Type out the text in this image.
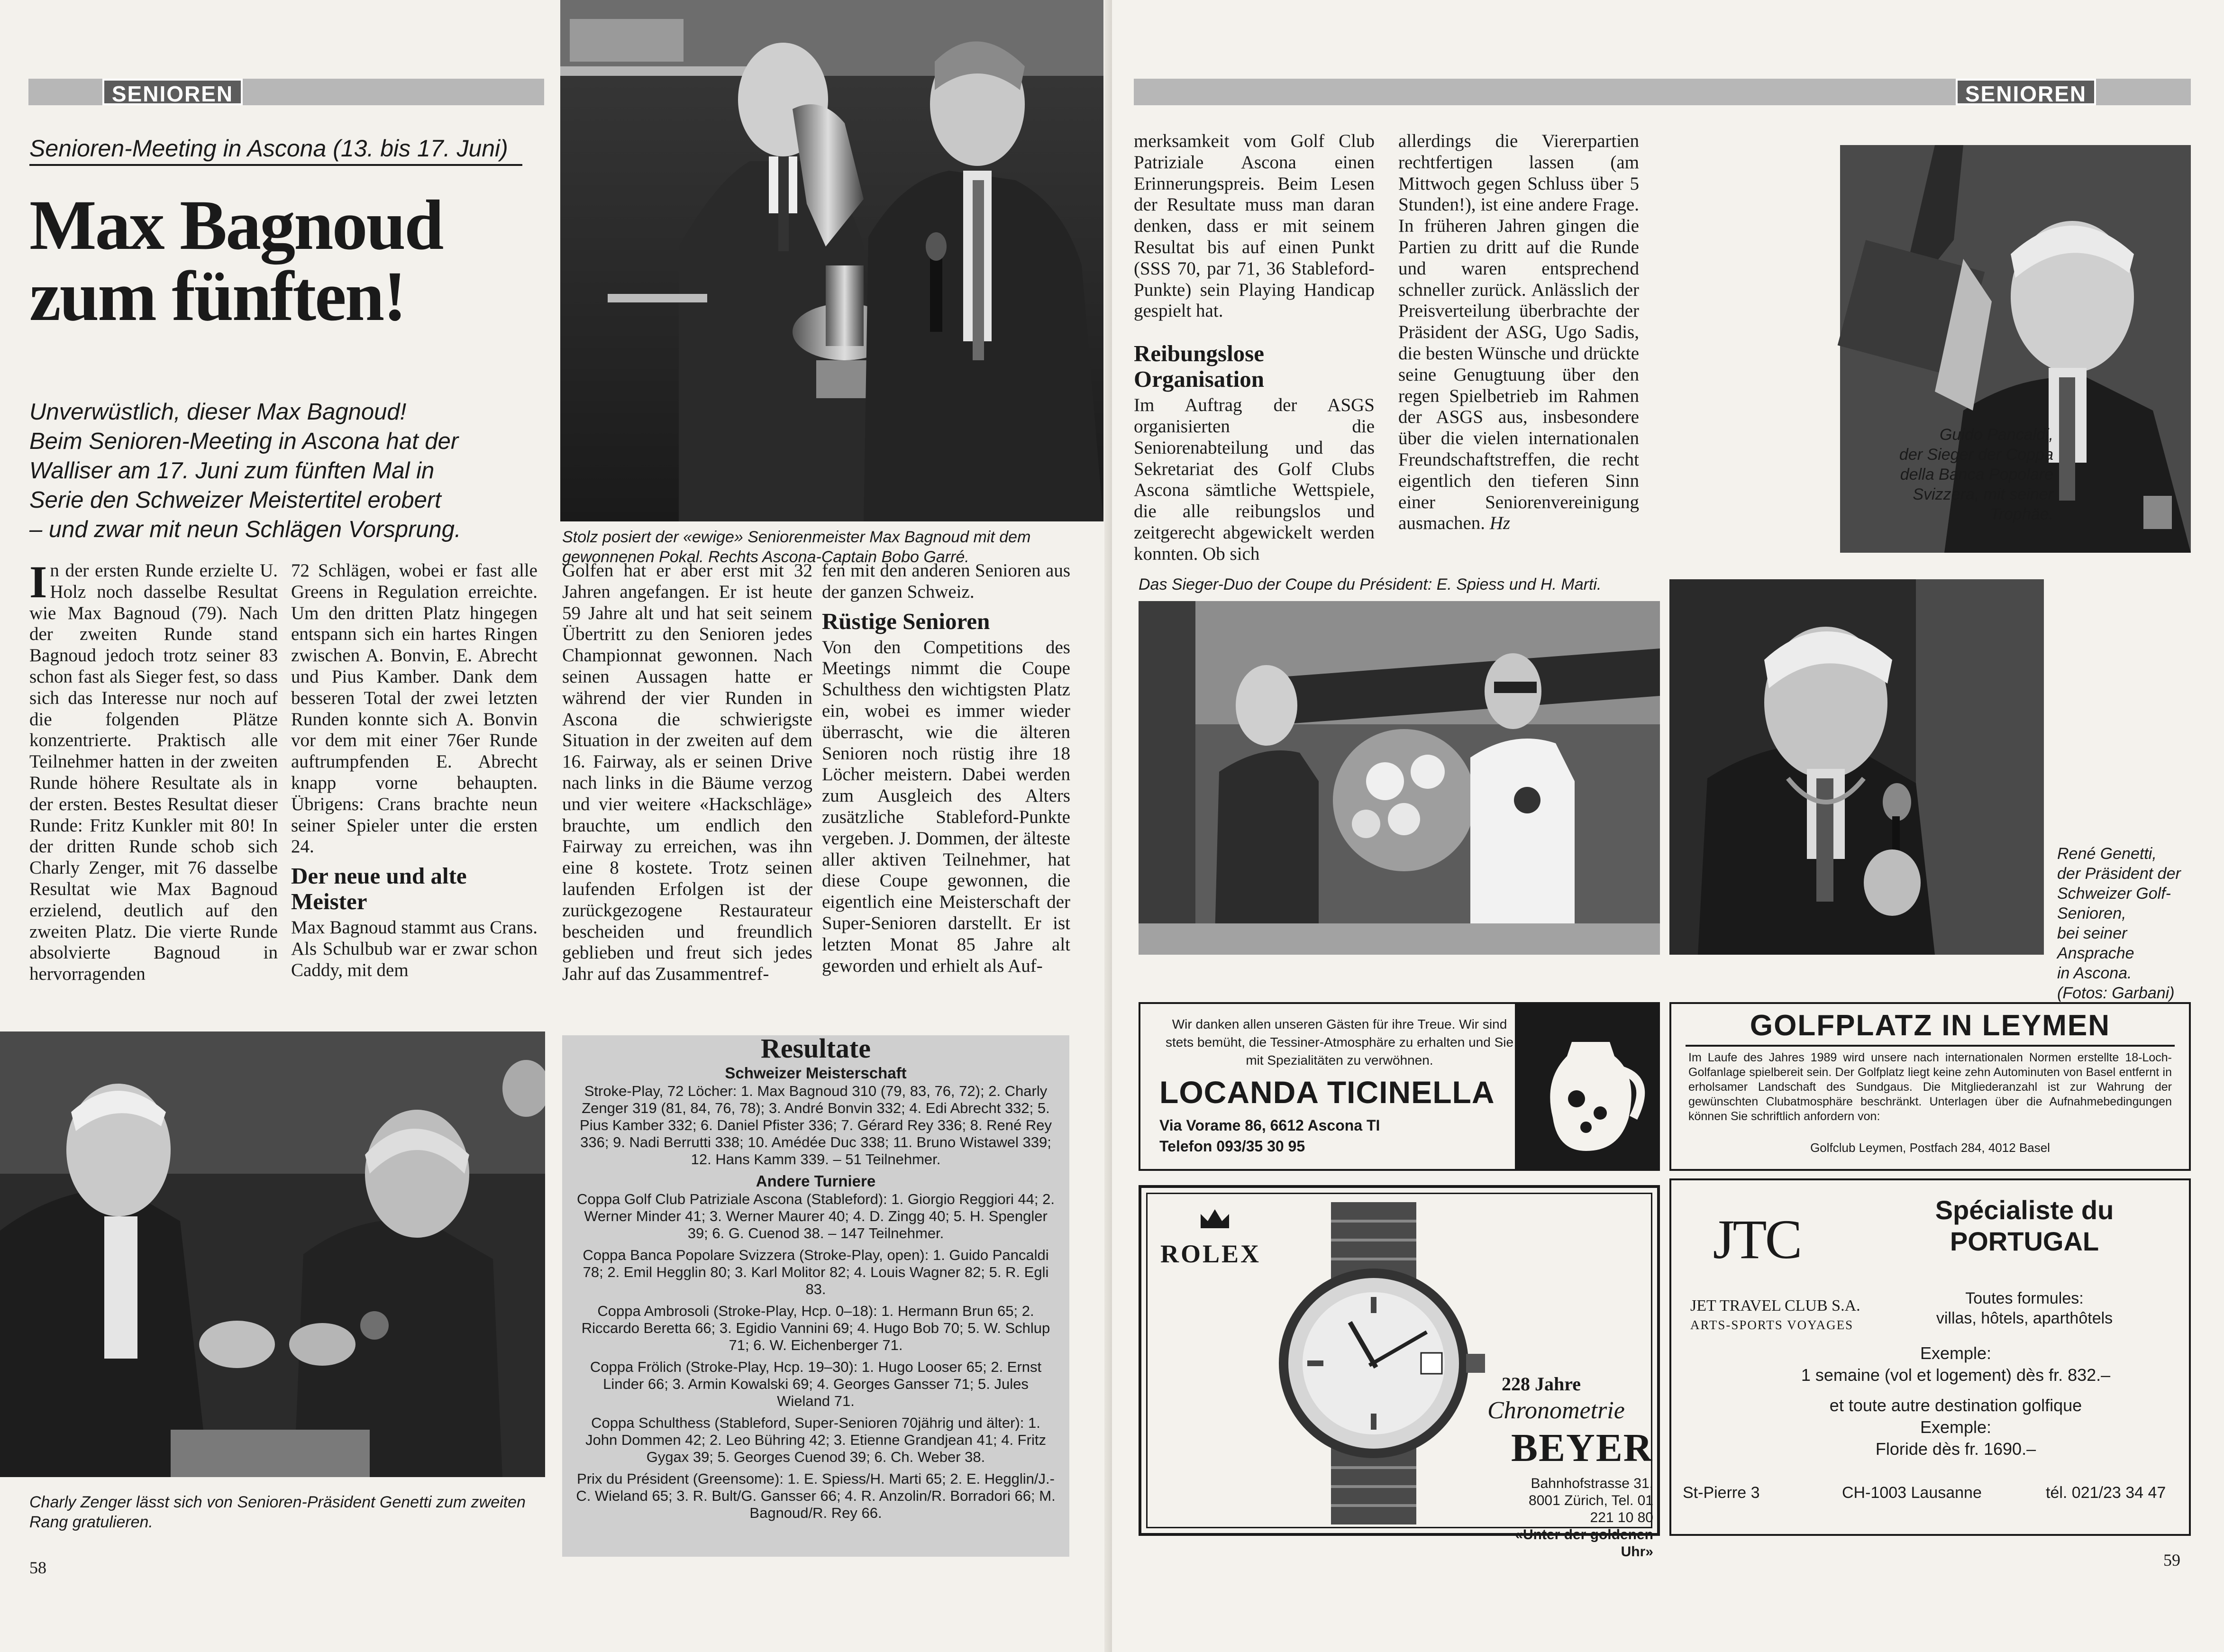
SENIOREN
Senioren-Meeting in Ascona (13. bis 17. Juni)
Max Bagnoud
zum fünften!
Unverwüstlich, dieser Max Bagnoud!
Beim Senioren-Meeting in Ascona hat der
Walliser am 17. Juni zum fünften Mal in
Serie den Schweizer Meistertitel erobert
– und zwar mit neun Schlägen Vorsprung.	Stolz posiert der «ewige» Seniorenmeister Max Bagnoud mit dem gewonnenen Pokal. Rechts Ascona-Captain Bobo Garré.

In der ersten Runde erzielte U. Holz noch dasselbe Resultat wie Max Bagnoud (79). Nach der zweiten Runde stand Bagnoud jedoch trotz seiner 83 schon fast als Sieger fest, so dass sich das Interesse nur noch auf die folgenden Plätze konzentrierte. Praktisch alle Teilnehmer hatten in der zweiten Runde höhere Resultate als in der ersten. Bestes Resultat dieser Runde: Fritz Kunkler mit 80! In der dritten Runde schob sich Charly Zenger, mit 76 dasselbe Resultat wie Max Bagnoud erzielend, deutlich auf den zweiten Platz. Die vierte Runde absolvierte Bagnoud in hervorragenden

72 Schlägen, wobei er fast alle Greens in Regulation erreichte. Um den dritten Platz hingegen entspann sich ein hartes Ringen zwischen A. Bonvin, E. Abrecht und Pius Kamber. Dank dem besseren Total der zwei letzten Runden konnte sich A. Bonvin vor dem mit einer 76er Runde auftrumpfenden E. Abrecht knapp vorne behaupten. Übrigens: Crans brachte neun seiner Spieler unter die ersten 24.

Der neue und alte Meister

Max Bagnoud stammt aus Crans. Als Schulbub war er zwar schon Caddy, mit dem

Golfen hat er aber erst mit 32 Jahren angefangen. Er ist heute 59 Jahre alt und hat seit seinem Übertritt zu den Senioren jedes Championnat gewonnen. Nach seinen Aussagen hatte er während der vier Runden in Ascona die schwierigste Situation in der zweiten auf dem 16. Fairway, als er seinen Drive nach links in die Bäume verzog und vier weitere «Hackschläge» brauchte, um endlich den Fairway zu erreichen, was ihn eine 8 kostete. Trotz seinen laufenden Erfolgen ist der zurückgezogene Restaurateur bescheiden und freundlich geblieben und freut sich jedes Jahr auf das Zusammentref-

fen mit den anderen Senioren aus der ganzen Schweiz.

Rüstige Senioren

Von den Competitions des Meetings nimmt die Coupe Schulthess den wichtigsten Platz ein, wobei es immer wieder überrascht, wie die älteren Senioren noch rüstig ihre 18 Löcher meistern. Dabei werden zum Ausgleich des Alters zusätzliche Stableford-Punkte vergeben. J. Dommen, der älteste aller aktiven Teilnehmer, hat diese Coupe gewonnen, die eigentlich eine Meisterschaft der Super-Senioren darstellt. Er ist letzten Monat 85 Jahre alt geworden und erhielt als Auf-

Charly Zenger lässt sich von Senioren-Präsident Genetti zum zweiten Rang gratulieren.
Resultate
Schweizer Meisterschaft
Stroke-Play, 72 Löcher: 1. Max Bagnoud 310 (79, 83, 76, 72); 2. Charly Zenger 319 (81, 84, 76, 78); 3. André Bonvin 332; 4. Edi Abrecht 332; 5. Pius Kamber 332; 6. Daniel Pfister 336; 7. Gérard Rey 336; 8. René Rey 336; 9. Nadi Berrutti 338; 10. Amédée Duc 338; 11. Bruno Wistawel 339; 12. Hans Kamm 339. – 51 Teilnehmer.
Andere Turniere
Coppa Golf Club Patriziale Ascona (Stableford): 1. Giorgio Reggiori 44; 2. Werner Minder 41; 3. Werner Maurer 40; 4. D. Zingg 40; 5. H. Spengler 39; 6. G. Cuenod 38. – 147 Teilnehmer.
Coppa Banca Popolare Svizzera (Stroke-Play, open): 1. Guido Pancaldi 78; 2. Emil Hegglin 80; 3. Karl Molitor 82; 4. Louis Wagner 82; 5. R. Egli 83.
Coppa Ambrosoli (Stroke-Play, Hcp. 0–18): 1. Hermann Brun 65; 2. Riccardo Beretta 66; 3. Egidio Vannini 69; 4. Hugo Bob 70; 5. W. Schlup 71; 6. W. Eichenberger 71.
Coppa Frölich (Stroke-Play, Hcp. 19–30): 1. Hugo Looser 65; 2. Ernst Linder 66; 3. Armin Kowalski 69; 4. Georges Gansser 71; 5. Jules Wieland 71.
Coppa Schulthess (Stableford, Super-Senioren 70jährig und älter): 1. John Dommen 42; 2. Leo Bühring 42; 3. Etienne Grandjean 41; 4. Fritz Gygax 39; 5. Georges Cuenod 39; 6. Ch. Weber 38.
Prix du Président (Greensome): 1. E. Spiess/H. Marti 65; 2. E. Hegglin/J.-C. Wieland 65; 3. R. Bult/G. Gansser 66; 4. R. Anzolin/R. Borradori 66; M. Bagnoud/R. Rey 66.
58
SENIOREN

merksamkeit vom Golf Club Patriziale Ascona einen Erinnerungspreis. Beim Lesen der Resultate muss man daran denken, dass er mit seinem Resultat bis auf einen Punkt (SSS 70, par 71, 36 Stableford-Punkte) sein Playing Handicap gespielt hat.

Reibungslose Organisation

Im Auftrag der ASGS organisierten die Seniorenabteilung und das Sekretariat des Golf Clubs Ascona sämtliche Wettspiele, die alle reibungslos und zeitgerecht abgewickelt werden konnten. Ob sich

allerdings die Viererpartien rechtfertigen lassen (am Mittwoch gegen Schluss über 5 Stunden!), ist eine andere Frage. In früheren Jahren gingen die Partien zu dritt auf die Runde und waren entsprechend schneller zurück. Anlässlich der Preisverteilung überbrachte der Präsident der ASG, Ugo Sadis, die besten Wünsche und drückte seine Genugtuung über den regen Spielbetrieb im Rahmen der ASGS aus, insbesondere über die vielen internationalen Freundschaftstreffen, die recht eigentlich den tieferen Sinn einer Seniorenvereinigung ausmachen. Hz

Guido Pancaldi,
der Sieger der Coppa
della Banca Popolare
Svizzera, mit seiner
Trophäe.
Das Sieger-Duo der Coupe du Président: E. Spiess und H. Marti.
René Genetti,
der Präsident der
Schweizer Golf-Senioren,
bei seiner Ansprache
in Ascona.
(Fotos: Garbani)
Wir danken allen unseren Gästen für ihre Treue. Wir sind stets bemüht, die Tessiner-Atmosphäre zu erhalten und Sie mit Spezialitäten zu verwöhnen.
LOCANDA TICINELLA
Via Vorame 86, 6612 Ascona TI
Telefon 093/35 30 95
GOLFPLATZ IN LEYMEN
Im Laufe des Jahres 1989 wird unsere nach internationalen Normen erstellte 18-Loch-Golfanlage spielbereit sein. Der Golfplatz liegt keine zehn Autominuten von Basel entfernt in erholsamer Landschaft des Sundgaus. Die Mitgliederanzahl ist zur Wahrung der gewünschten Clubatmosphäre beschränkt. Unterlagen über die Aufnahmebedingungen können Sie schriftlich anfordern von:
Golfclub Leymen, Postfach 284, 4012 Basel
ROLEX
228 Jahre
Chronometrie
BEYER
Bahnhofstrasse 31,
8001 Zürich, Tel. 01 221 10 80
«Unter der goldenen Uhr»
JTC
JET TRAVEL CLUB S.A.
ARTS-SPORTS VOYAGES
Spécialiste du
PORTUGAL
Toutes formules:
villas, hôtels, aparthôtels
Exemple:
1 semaine (vol et logement) dès fr. 832.–
et toute autre destination golfique
Exemple:
Floride dès fr. 1690.–
St-Pierre 3	CH-1003 Lausanne	tél. 021/23 34 47
59
